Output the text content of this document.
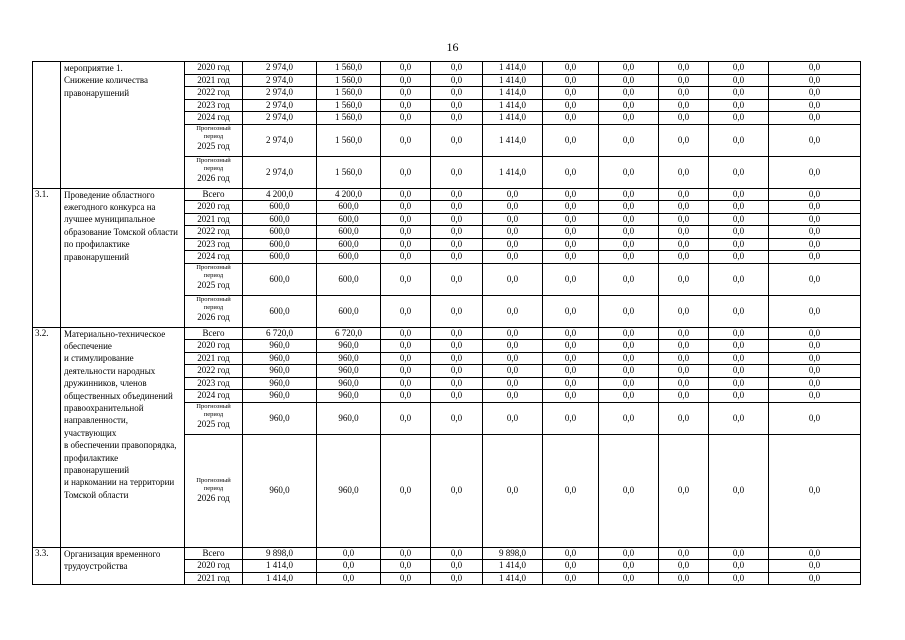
16
	мероприятие 1.
Снижение количества
правонарушений	2020 год	2 974,0	1 560,0	0,0	0,0	1 414,0	0,0	0,0	0,0	0,0	0,0
		2021 год	2 974,0	1 560,0	0,0	0,0	1 414,0	0,0	0,0	0,0	0,0	0,0
		2022 год	2 974,0	1 560,0	0,0	0,0	1 414,0	0,0	0,0	0,0	0,0	0,0
		2023 год	2 974,0	1 560,0	0,0	0,0	1 414,0	0,0	0,0	0,0	0,0	0,0
		2024 год	2 974,0	1 560,0	0,0	0,0	1 414,0	0,0	0,0	0,0	0,0	0,0
		Прогнозный
период
2025 год	2 974,0	1 560,0	0,0	0,0	1 414,0	0,0	0,0	0,0	0,0	0,0
		Прогнозный
период
2026 год	2 974,0	1 560,0	0,0	0,0	1 414,0	0,0	0,0	0,0	0,0	0,0
3.1.	Проведение областного ежегодного конкурса на лучшее муниципальное образование Томской области
по профилактике правонарушений	Всего	4 200,0	4 200,0	0,0	0,0	0,0	0,0	0,0	0,0	0,0	0,0
		2020 год	600,0	600,0	0,0	0,0	0,0	0,0	0,0	0,0	0,0	0,0
		2021 год	600,0	600,0	0,0	0,0	0,0	0,0	0,0	0,0	0,0	0,0
		2022 год	600,0	600,0	0,0	0,0	0,0	0,0	0,0	0,0	0,0	0,0
		2023 год	600,0	600,0	0,0	0,0	0,0	0,0	0,0	0,0	0,0	0,0
		2024 год	600,0	600,0	0,0	0,0	0,0	0,0	0,0	0,0	0,0	0,0
		Прогнозный
период
2025 год	600,0	600,0	0,0	0,0	0,0	0,0	0,0	0,0	0,0	0,0
		Прогнозный
период
2026 год	600,0	600,0	0,0	0,0	0,0	0,0	0,0	0,0	0,0	0,0
3.2.	Материально-техническое обеспечение
и стимулирование деятельности народных дружинников, членов общественных объединений правоохранительной направленности, участвующих
в обеспечении правопорядка, профилактике правонарушений
и наркомании на территории Томской области	Всего	6 720,0	6 720,0	0,0	0,0	0,0	0,0	0,0	0,0	0,0	0,0
		2020 год	960,0	960,0	0,0	0,0	0,0	0,0	0,0	0,0	0,0	0,0
		2021 год	960,0	960,0	0,0	0,0	0,0	0,0	0,0	0,0	0,0	0,0
		2022 год	960,0	960,0	0,0	0,0	0,0	0,0	0,0	0,0	0,0	0,0
		2023 год	960,0	960,0	0,0	0,0	0,0	0,0	0,0	0,0	0,0	0,0
		2024 год	960,0	960,0	0,0	0,0	0,0	0,0	0,0	0,0	0,0	0,0
		Прогнозный
период
2025 год	960,0	960,0	0,0	0,0	0,0	0,0	0,0	0,0	0,0	0,0
		Прогнозный
период
2026 год	960,0	960,0	0,0	0,0	0,0	0,0	0,0	0,0	0,0	0,0
3.3.	Организация временного трудоустройства	Всего	9 898,0	0,0	0,0	0,0	9 898,0	0,0	0,0	0,0	0,0	0,0
		2020 год	1 414,0	0,0	0,0	0,0	1 414,0	0,0	0,0	0,0	0,0	0,0
		2021 год	1 414,0	0,0	0,0	0,0	1 414,0	0,0	0,0	0,0	0,0	0,0
